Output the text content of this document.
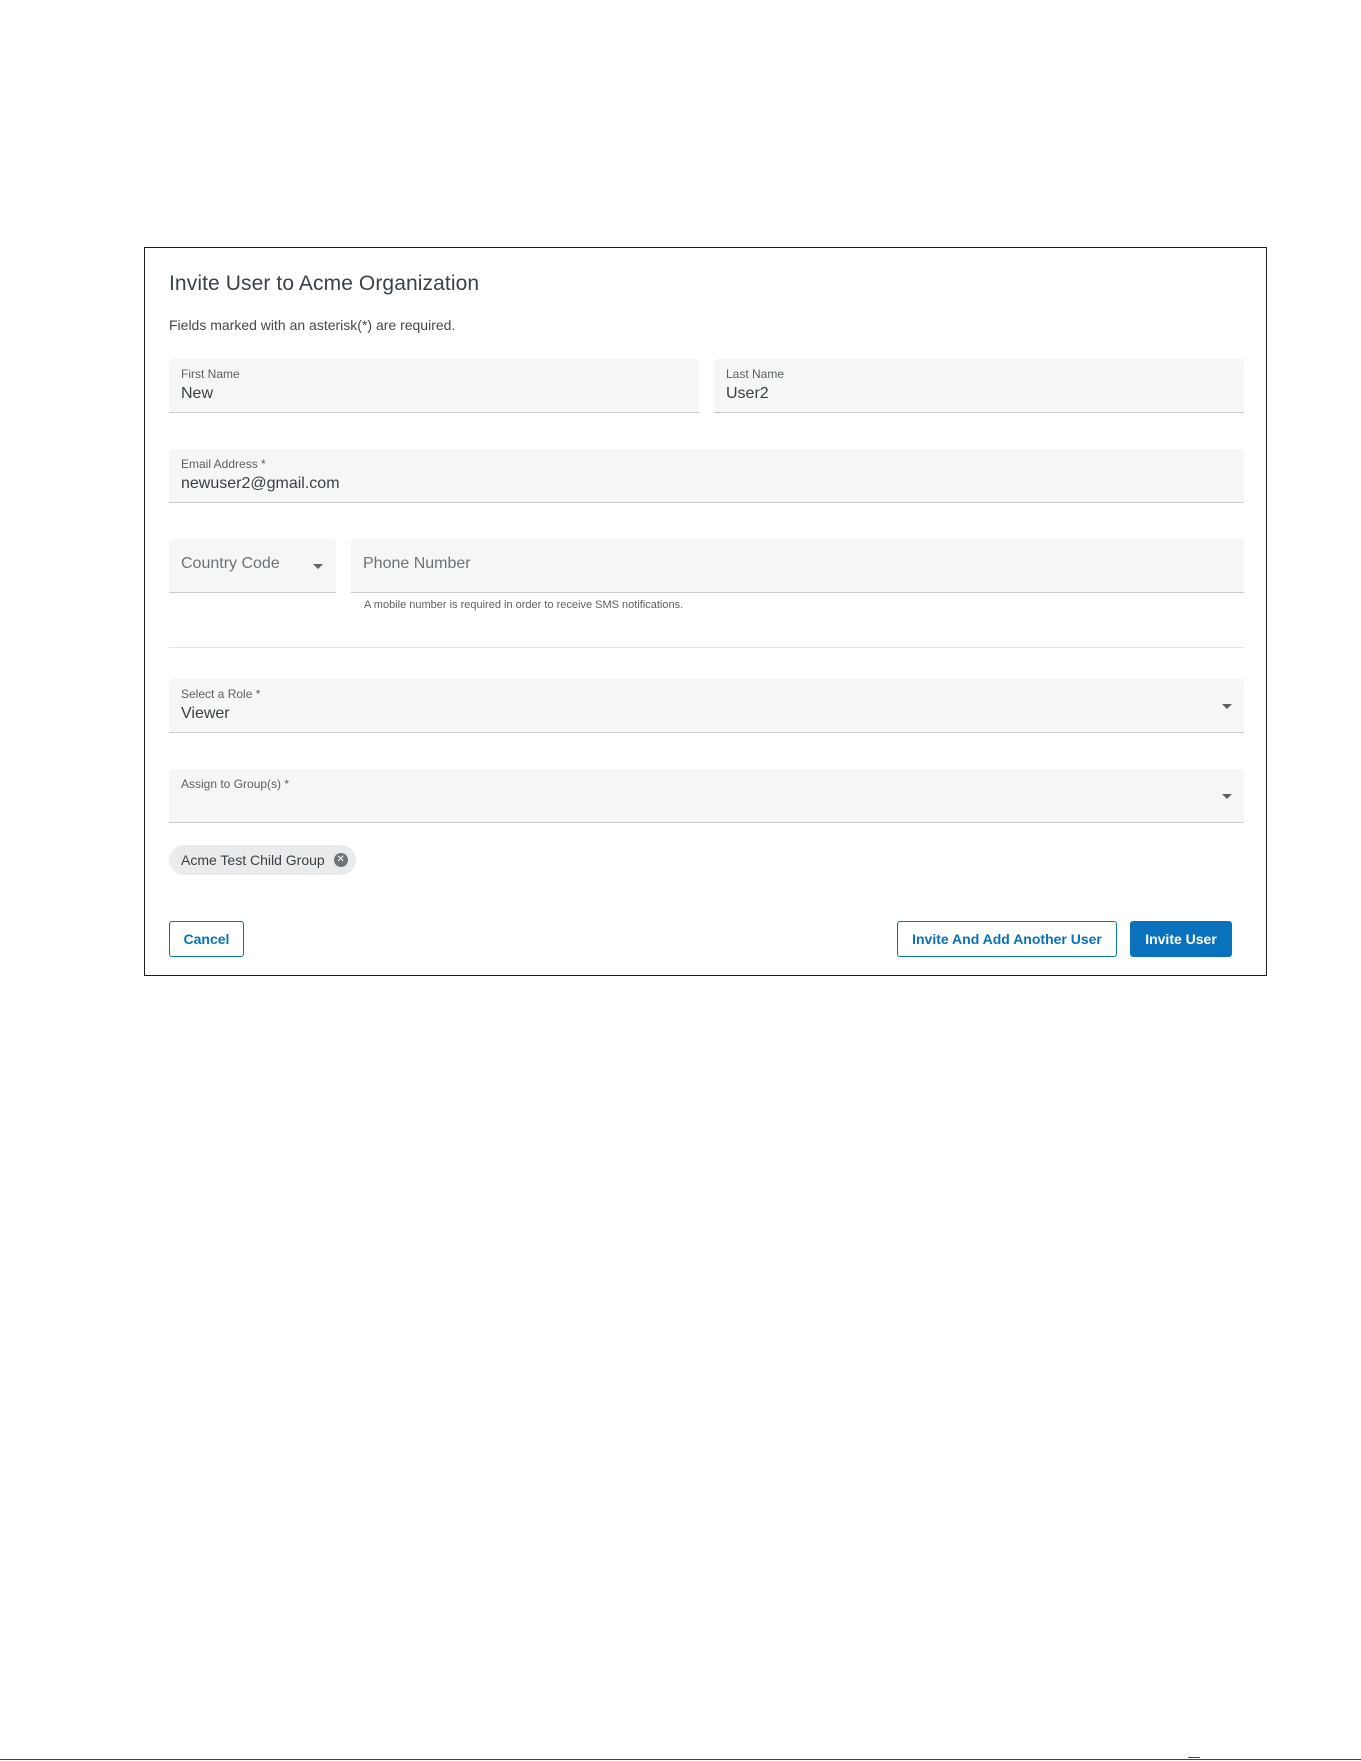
Invite User to Acme Organization
Fields marked with an asterisk(*) are required.
First Name
New
Last Name
User2
Email Address *
newuser2@gmail.com
Country Code	Phone Number
A mobile number is required in order to receive SMS notifications.
Select a Role *
Viewer
Assign to Group(s) *
Acme Test Child Group ✕
Cancel	Invite And Add Another User	Invite User
